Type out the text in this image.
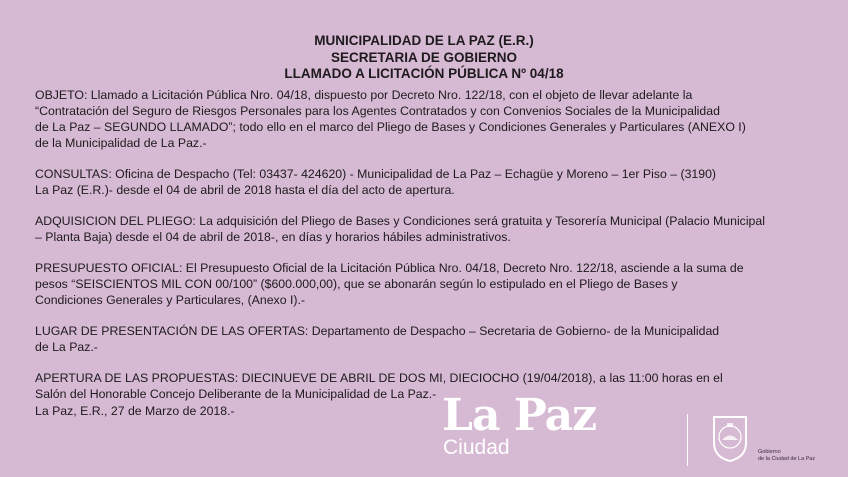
MUNICIPALIDAD DE LA PAZ (E.R.)
SECRETARIA DE GOBIERNO
LLAMADO A LICITACIÓN PÚBLICA Nº 04/18
OBJETO: Llamado a Licitación Pública Nro. 04/18, dispuesto por Decreto Nro. 122/18, con el objeto de llevar adelante la
“Contratación del Seguro de Riesgos Personales para los Agentes Contratados y con Convenios Sociales de la Municipalidad
de La Paz – SEGUNDO LLAMADO”; todo ello en el marco del Pliego de Bases y Condiciones Generales y Particulares (ANEXO I)
de la Municipalidad de La Paz.-
CONSULTAS: Oficina de Despacho (Tel: 03437- 424620) - Municipalidad de La Paz – Echagüe y Moreno – 1er Piso – (3190)
La Paz (E.R.)- desde el 04 de abril de 2018 hasta el día del acto de apertura.
ADQUISICION DEL PLIEGO: La adquisición del Pliego de Bases y Condiciones será gratuita y Tesorería Municipal (Palacio Municipal
– Planta Baja) desde el 04 de abril de 2018-, en días y horarios hábiles administrativos.
PRESUPUESTO OFICIAL: El Presupuesto Oficial de la Licitación Pública Nro. 04/18, Decreto Nro. 122/18, asciende a la suma de
pesos “SEISCIENTOS MIL CON 00/100” ($600.000,00), que se abonarán según lo estipulado en el Pliego de Bases y
Condiciones Generales y Particulares, (Anexo I).-
LUGAR DE PRESENTACIÓN DE LAS OFERTAS: Departamento de Despacho – Secretaria de Gobierno- de la Municipalidad
de La Paz.-
APERTURA DE LAS PROPUESTAS: DIECINUEVE DE ABRIL DE DOS MI, DIECIOCHO (19/04/2018), a las 11:00 horas en el
Salón del Honorable Concejo Deliberante de la Municipalidad de La Paz.-
La Paz, E.R., 27 de Marzo de 2018.-	La Paz
Ciudad	Gobierno
de la Ciudad de La Paz
